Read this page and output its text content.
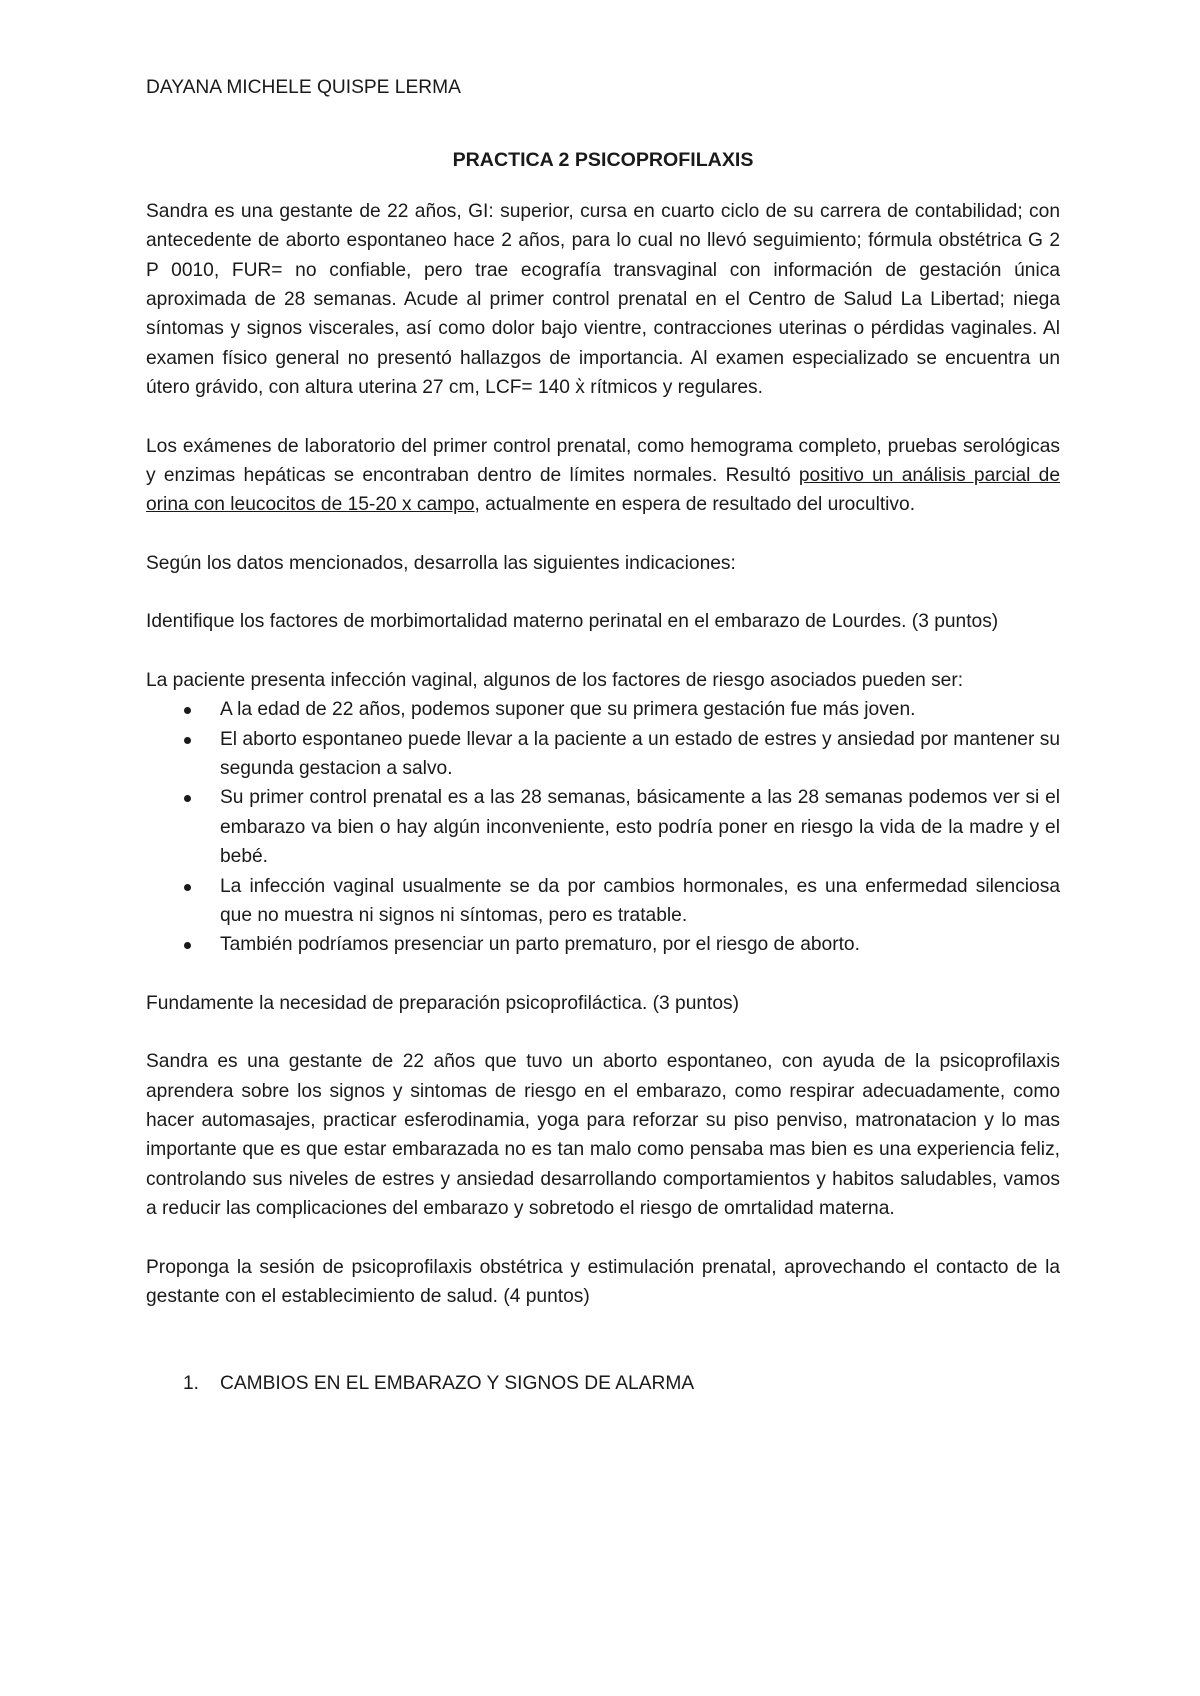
DAYANA MICHELE QUISPE LERMA

PRACTICA 2 PSICOPROFILAXIS

Sandra es una gestante de 22 años, GI: superior, cursa en cuarto ciclo de su carrera de contabilidad; con antecedente de aborto espontaneo hace 2 años, para lo cual no llevó seguimiento; fórmula obstétrica G 2 P 0010, FUR= no confiable, pero trae ecografía transvaginal con información de gestación única aproximada de 28 semanas. Acude al primer control prenatal en el Centro de Salud La Libertad; niega síntomas y signos viscerales, así como dolor bajo vientre, contracciones uterinas o pérdidas vaginales. Al examen físico general no presentó hallazgos de importancia. Al examen especializado se encuentra un útero grávido, con altura uterina 27 cm, LCF= 140 x̀ rítmicos y regulares.

Los exámenes de laboratorio del primer control prenatal, como hemograma completo, pruebas serológicas y enzimas hepáticas se encontraban dentro de límites normales. Resultó positivo un análisis parcial de orina con leucocitos de 15-20 x campo, actualmente en espera de resultado del urocultivo.

Según los datos mencionados, desarrolla las siguientes indicaciones:

Identifique los factores de morbimortalidad materno perinatal en el embarazo de Lourdes. (3 puntos)

La paciente presenta infección vaginal, algunos de los factores de riesgo asociados pueden ser:

A la edad de 22 años, podemos suponer que su primera gestación fue más joven.
El aborto espontaneo puede llevar a la paciente a un estado de estres y ansiedad por mantener su segunda gestacion a salvo.
Su primer control prenatal es a las 28 semanas, básicamente a las 28 semanas podemos ver si el embarazo va bien o hay algún inconveniente, esto podría poner en riesgo la vida de la madre y el bebé.
La infección vaginal usualmente se da por cambios hormonales, es una enfermedad silenciosa que no muestra ni signos ni síntomas, pero es tratable.
También podríamos presenciar un parto prematuro, por el riesgo de aborto.

Fundamente la necesidad de preparación psicoprofiláctica. (3 puntos)

Sandra es una gestante de 22 años que tuvo un aborto espontaneo, con ayuda de la psicoprofilaxis aprendera sobre los signos y sintomas de riesgo en el embarazo, como respirar adecuadamente, como hacer automasajes, practicar esferodinamia, yoga para reforzar su piso penviso, matronatacion y lo mas importante que es que estar embarazada no es tan malo como pensaba mas bien es una experiencia feliz, controlando sus niveles de estres y ansiedad desarrollando comportamientos y habitos saludables, vamos a reducir las complicaciones del embarazo y sobretodo el riesgo de omrtalidad materna.

Proponga la sesión de psicoprofilaxis obstétrica y estimulación prenatal, aprovechando el contacto de la gestante con el establecimiento de salud. (4 puntos)

1. CAMBIOS EN EL EMBARAZO Y SIGNOS DE ALARMA
